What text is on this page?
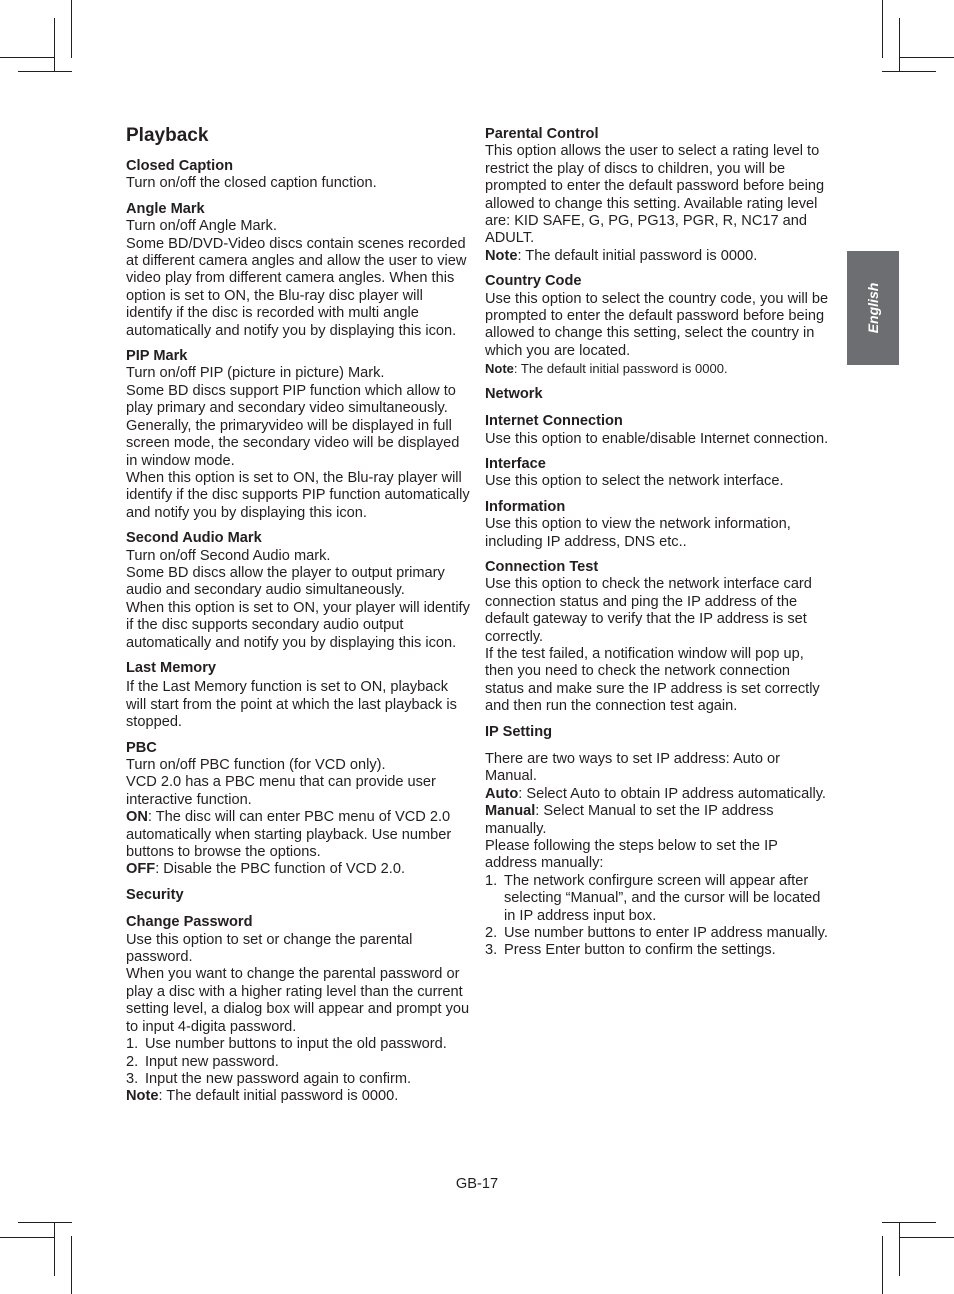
English
Playback
Closed Caption
Turn on/off the closed caption function.
Angle Mark
Turn on/off Angle Mark.
Some BD/DVD-Video discs contain scenes recorded at different camera angles and allow the user to view video play from different camera angles. When this option is set to ON, the Blu-ray disc player will identify if the disc is recorded with multi angle automatically and notify you by displaying this icon.
PIP Mark
Turn on/off PIP (picture in picture) Mark.
Some BD discs support PIP function which allow to play primary and secondary video simultaneously. Generally, the primaryvideo will be displayed in full screen mode, the secondary video will be displayed in window mode.
When this option is set to ON, the Blu-ray player will identify if the disc supports PIP function automatically and notify you by displaying this icon.
Second Audio Mark
Turn on/off Second Audio mark.
Some BD discs allow the player to output primary audio and secondary audio simultaneously.
When this option is set to ON, your player will identify if the disc supports secondary audio output automatically and notify you by displaying this icon.
Last Memory
If the Last Memory function is set to ON, playback will start from the point at which the last playback is stopped.
PBC
Turn on/off PBC function (for VCD only).
VCD 2.0 has a PBC menu that can provide user interactive function.
ON: The disc will can enter PBC menu of VCD 2.0 automatically when starting playback. Use number buttons to browse the options.
OFF: Disable the PBC function of VCD 2.0.
Security
Change Password
Use this option to set or change the parental password.
When you want to change the parental password or play a disc with a higher rating level than the current setting level, a dialog box will appear and prompt you to input 4-digita password.
1. Use number buttons to input the old password.
2. Input new password.
3. Input the new password again to confirm.
Note: The default initial password is 0000.
Parental Control
This option allows the user to select a rating level to restrict the play of discs to children, you will be prompted to enter the default password before being allowed to change this setting. Available rating level are: KID SAFE, G, PG, PG13, PGR, R, NC17 and ADULT.
Note: The default initial password is 0000.
Country Code
Use this option to select the country code, you will be prompted to enter the default password before being allowed to change this setting, select the country in which you are located.
Note: The default initial password is 0000.
Network
Internet Connection
Use this option to enable/disable Internet connection.
Interface
Use this option to select the network interface.
Information
Use this option to view the network information, including IP address, DNS etc..
Connection Test
Use this option to check the network interface card connection status and ping the IP address of the default gateway to verify that the IP address is set correctly.
If the test failed, a notification window will pop up, then you need to check the network connection status and make sure the IP address is set correctly and then run the connection test again.
IP Setting
There are two ways to set IP address: Auto or Manual.
Auto: Select Auto to obtain IP address automatically.
Manual: Select Manual to set the IP address manually.
Please following the steps below to set the IP address manually:
1. The network confirgure screen will appear after selecting “Manual”, and the cursor will be located in IP address input box.
2. Use number buttons to enter IP address manually.
3. Press Enter button to confirm the settings.
GB-17
